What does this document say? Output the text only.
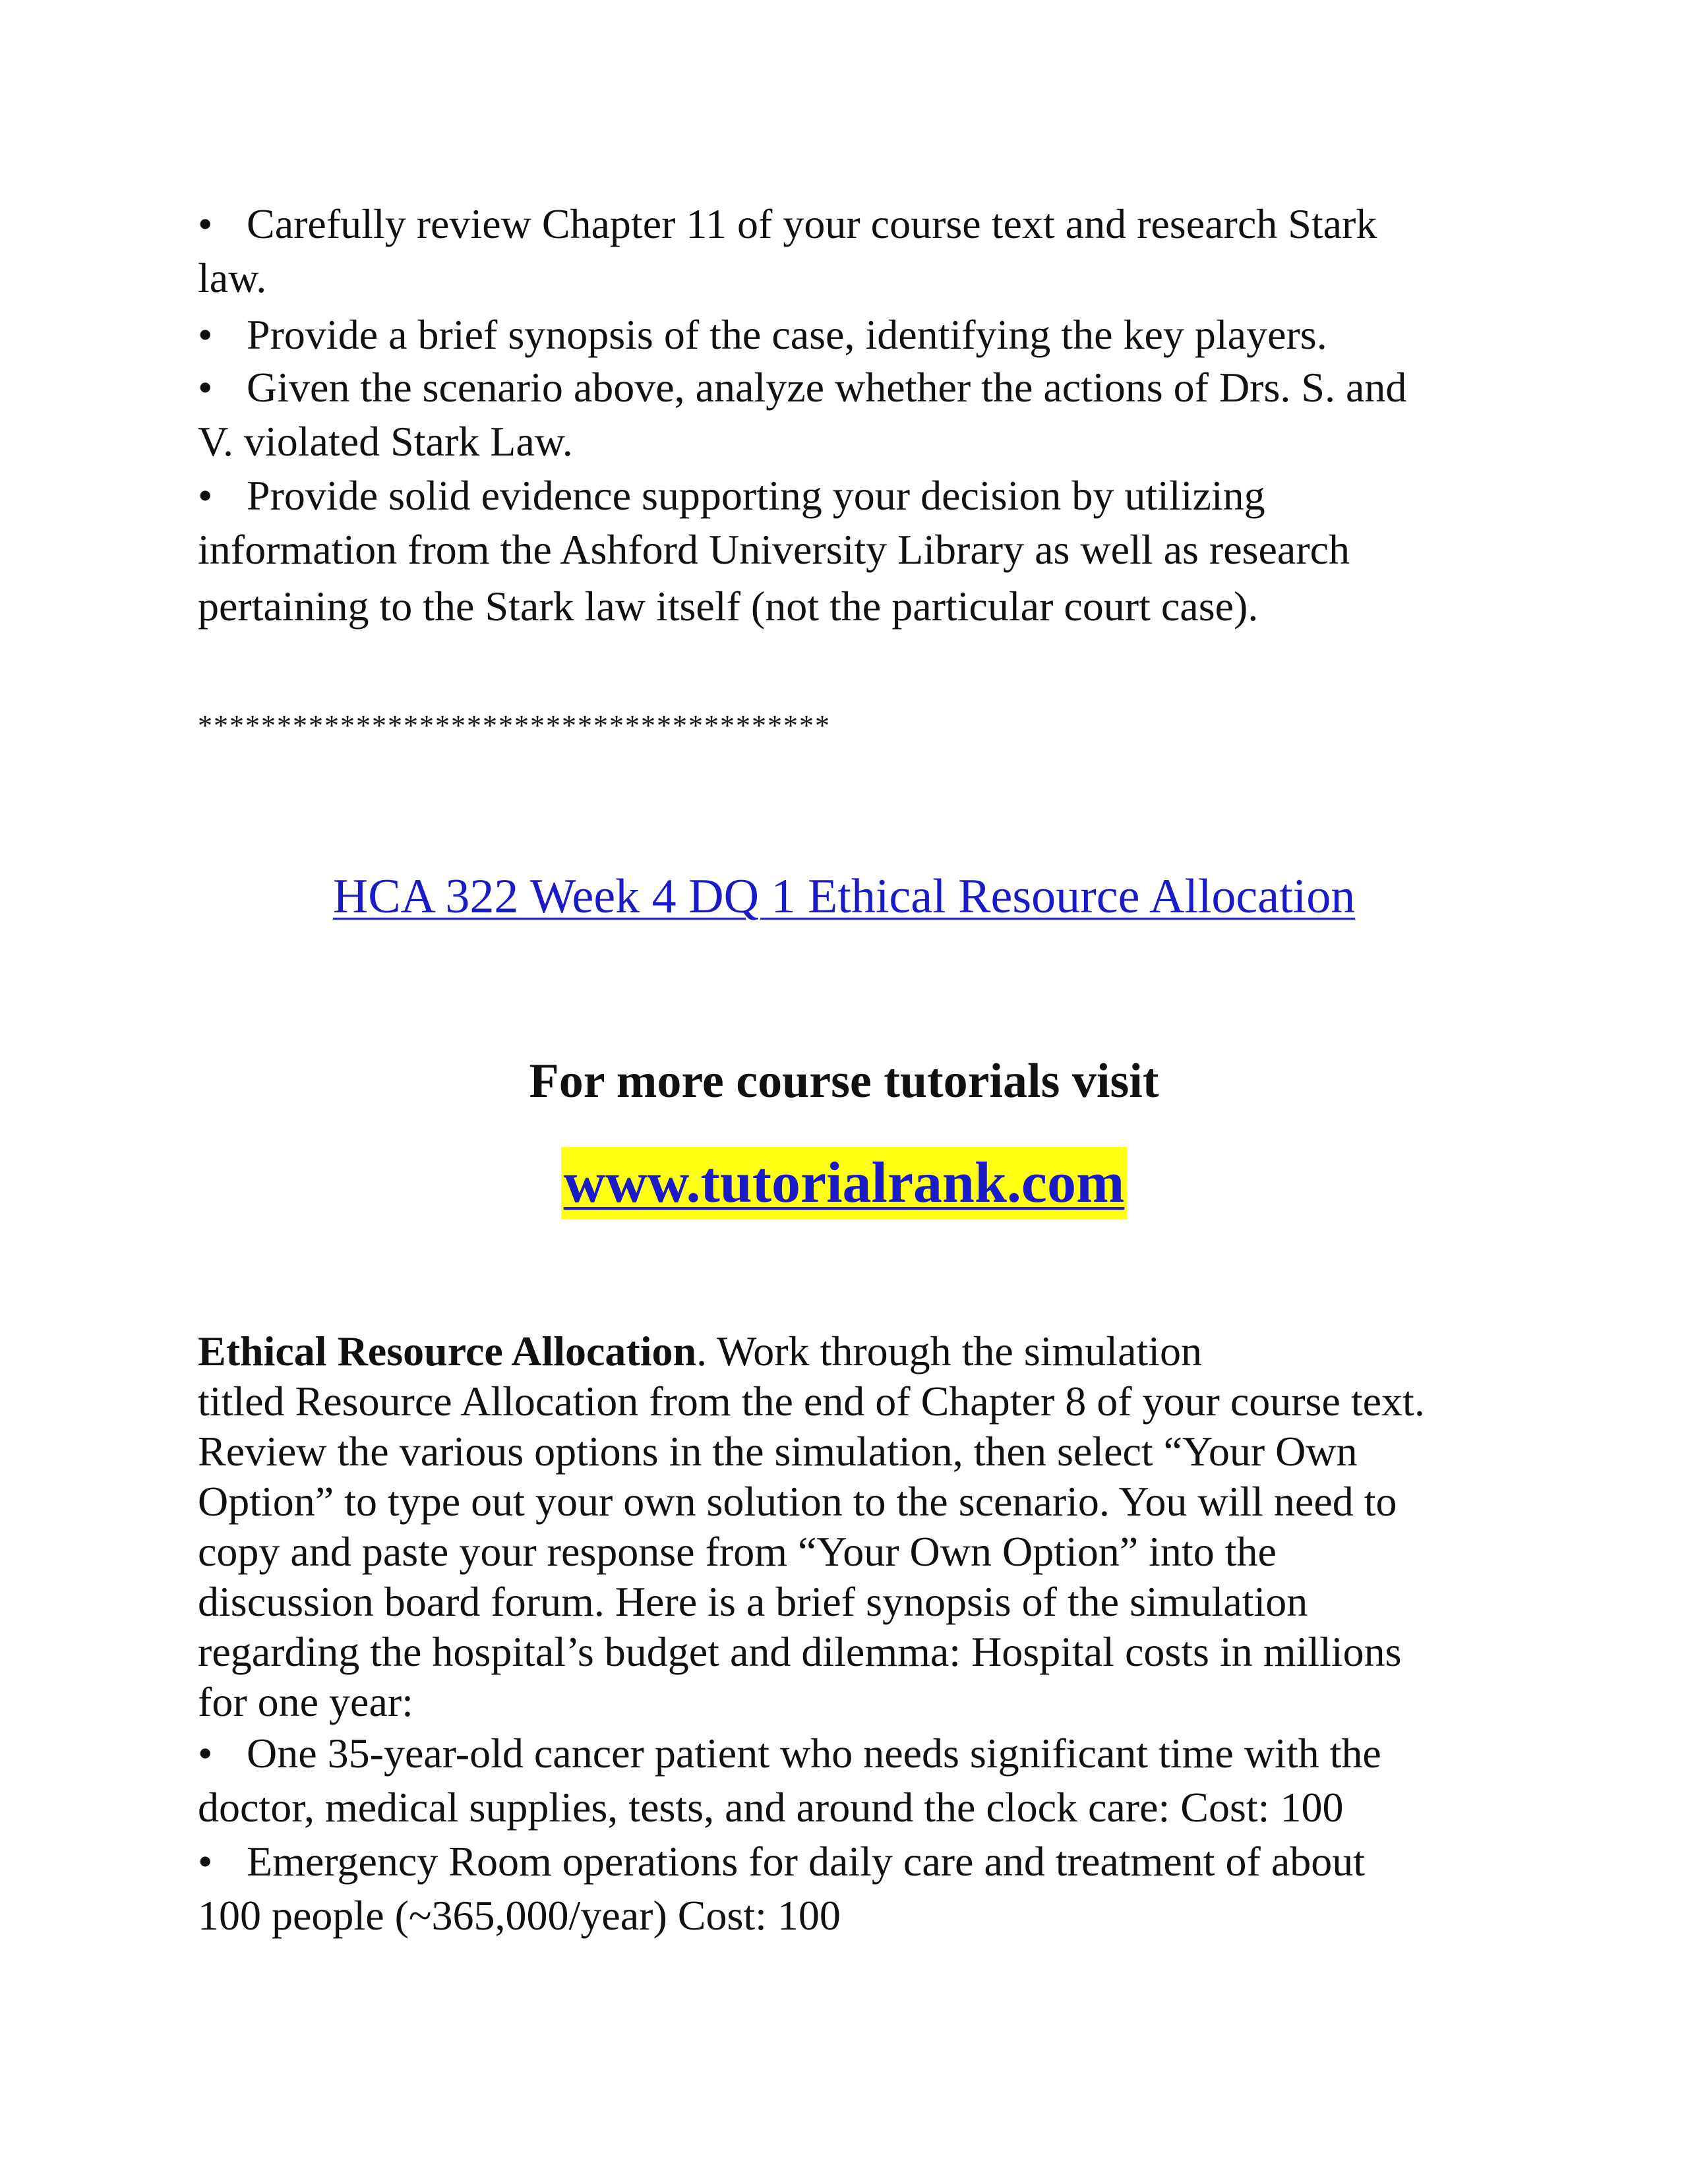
• Carefully review Chapter 11 of your course text and research Stark
law.
• Provide a brief synopsis of the case, identifying the key players.
• Given the scenario above, analyze whether the actions of Drs. S. and
V. violated Stark Law.
• Provide solid evidence supporting your decision by utilizing
information from the Ashford University Library as well as research
pertaining to the Stark law itself (not the particular court case).
****************************************
HCA 322 Week 4 DQ 1 Ethical Resource Allocation
For more course tutorials visit
www.tutorialrank.com
Ethical Resource Allocation. Work through the simulation
titled Resource Allocation from the end of Chapter 8 of your course text.
Review the various options in the simulation, then select “Your Own
Option” to type out your own solution to the scenario. You will need to
copy and paste your response from “Your Own Option” into the
discussion board forum. Here is a brief synopsis of the simulation
regarding the hospital’s budget and dilemma: Hospital costs in millions
for one year:
• One 35-year-old cancer patient who needs significant time with the
doctor, medical supplies, tests, and around the clock care: Cost: 100
• Emergency Room operations for daily care and treatment of about
100 people (~365,000/year) Cost: 100
